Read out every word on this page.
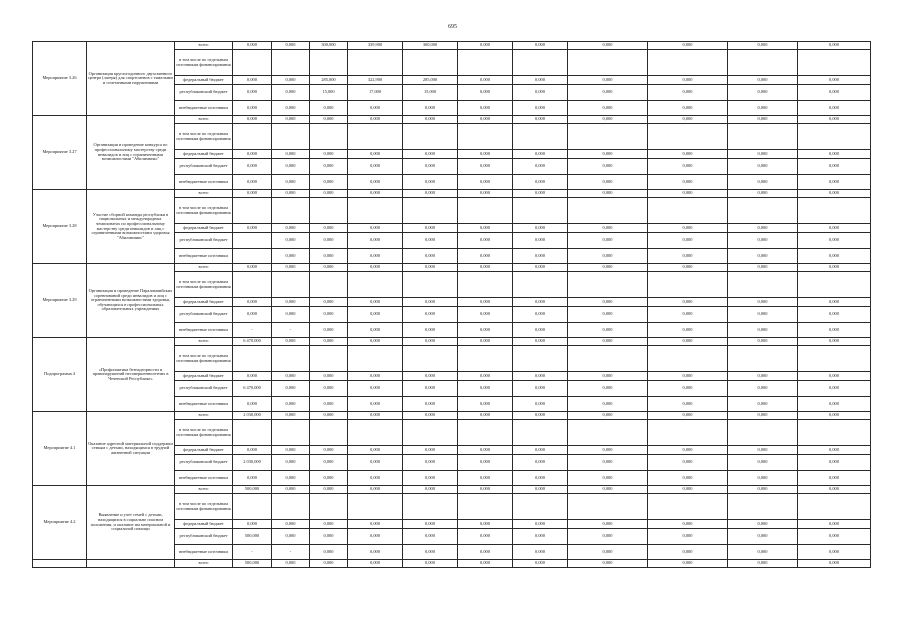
695
Мероприятие 3.26	Организация круглогодичного двухсменного центра (лагеря) для спортсменов с тяжелыми и сочетанными нарушениями	всего	0,000	0,000	300,000	339,900	300,000	0,000	0,000	0,000	0,000	0,000	0,000
		в том числе по отдельным источникам финансирования											
		федеральный бюджет	0,000	0,000	285,000	322,900	285,000	0,000	0,000	0,000	0,000	0,000	0,000
		республиканский бюджет	0,000	0,000	15,000	17,000	15,000	0,000	0,000	0,000	0,000	0,000	0,000
		внебюджетные источники	0,000	0,000	0,000	0,000	0,000	0,000	0,000	0,000	0,000	0,000	0,000
Мероприятие 3.27	Организация и проведение конкурса по профессиональному мастерству среди инвалидов и лиц с ограниченными возможностями "Абилимпикс"	всего	0,000	0,000	0,000	0,000	0,000	0,000	0,000	0,000	0,000	0,000	0,000
		в том числе по отдельным источникам финансирования											
		федеральный бюджет	0,000	0,000	0,000	0,000	0,000	0,000	0,000	0,000	0,000	0,000	0,000
		республиканский бюджет	0,000	0,000	0,000	0,000	0,000	0,000	0,000	0,000	0,000	0,000	0,000
		внебюджетные источники	0,000	0,000	0,000	0,000	0,000	0,000	0,000	0,000	0,000	0,000	0,000
Мероприятие 3.28	Участие сборной команды республики в национальных и международных чемпионатах по профессиональному мастерству среди инвалидов и лиц с ограниченными возможностями здоровья "Абилимпикс"	всего	0,000	0,000	0,000	0,000	0,000	0,000	0,000	0,000	0,000	0,000	0,000
		в том числе по отдельным источникам финансирования											
		федеральный бюджет	0,000	0,000	0,000	0,000	0,000	0,000	0,000	0,000	0,000	0,000	0,000
		республиканский бюджет		0,000	0,000	0,000	0,000	0,000	0,000	0,000	0,000	0,000	0,000
		внебюджетные источники		0,000	0,000	0,000	0,000	0,000	0,000	0,000	0,000	0,000	0,000
Мероприятие 3.29	Организация и проведение Паралимпийских соревнований среди инвалидов и лиц с ограниченными возможностями здоровья, обучающихся в профессиональных образовательных учреждениях	всего	0,000	0,000	0,000	0,000	0,000	0,000	0,000	0,000	0,000	0,000	0,000
		в том числе по отдельным источникам финансирования											
		федеральный бюджет	0,000	0,000	0,000	0,000	0,000	0,000	0,000	0,000	0,000	0,000	0,000
		республиканский бюджет	0,000	0,000	0,000	0,000	0,000	0,000	0,000	0,000	0,000	0,000	0,000
		внебюджетные источники	-	-	0,000	0,000	0,000	0,000	0,000	0,000	0,000	0,000	0,000
Подпрограмма 4	«Профилактика безнадзорности и правонарушений несовершеннолетних в Чеченской Республике»	всего	6 470,000	0,000	0,000	0,000	0,000	0,000	0,000	0,000	0,000	0,000	0,000
		в том числе по отдельным источникам финансирования											
		федеральный бюджет	0,000	0,000	0,000	0,000	0,000	0,000	0,000	0,000	0,000	0,000	0,000
		республиканский бюджет	6 470,000	0,000	0,000	0,000	0,000	0,000	0,000	0,000	0,000	0,000	0,000
		внебюджетные источники	0,000	0,000	0,000	0,000	0,000	0,000	0,000	0,000	0,000	0,000	0,000
Мероприятие 4.1	Оказание адресной материальной поддержки семьям с детьми, находящимся в трудной жизненной ситуации	всего	2 030,000	0,000	0,000	0,000	0,000	0,000	0,000	0,000	0,000	0,000	0,000
		в том числе по отдельным источникам финансирования											
		федеральный бюджет	0,000	0,000	0,000	0,000	0,000	0,000	0,000	0,000	0,000	0,000	0,000
		республиканский бюджет	2 030,000	0,000	0,000	0,000	0,000	0,000	0,000	0,000	0,000	0,000	0,000
		внебюджетные источники	0,000	0,000	0,000	0,000	0,000	0,000	0,000	0,000	0,000	0,000	0,000
Мероприятие 4.2	Выявление и учет семей с детьми, находящихся в социально опасном положении, и оказание им материальной и социальной помощи	всего	500,000	0,000	0,000	0,000	0,000	0,000	0,000	0,000	0,000	0,000	0,000
		в том числе по отдельным источникам финансирования											
		федеральный бюджет	0,000	0,000	0,000	0,000	0,000	0,000	0,000	0,000	0,000	0,000	0,000
		республиканский бюджет	500,000	0,000	0,000	0,000	0,000	0,000	0,000	0,000	0,000	0,000	0,000
		внебюджетные источники	-	-	0,000	0,000	0,000	0,000	0,000	0,000	0,000	0,000	0,000
		всего	500,000	0,000	0,000	0,000	0,000	0,000	0,000	0,000	0,000	0,000	0,000
